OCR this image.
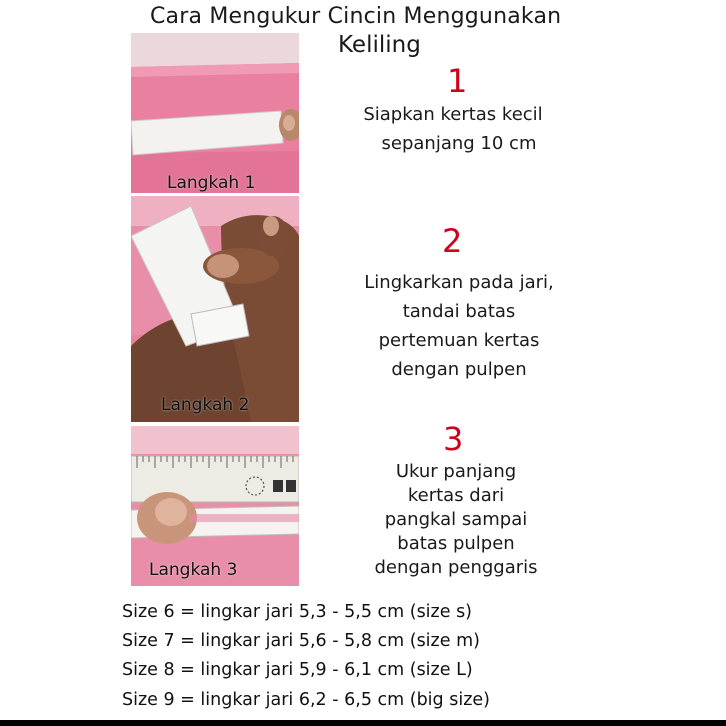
Cara Mengukur Cincin Menggunakan
Keliling
Langkah 1
Langkah 2
Langkah 3
1
Siapkan kertas kecil
sepanjang 10 cm
2
Lingkarkan pada jari,
tandai batas
pertemuan kertas
dengan pulpen
3
Ukur panjang
kertas dari
pangkal sampai
batas pulpen
dengan penggaris
Size 6 = lingkar jari 5,3 - 5,5 cm (size s)
Size 7 = lingkar jari 5,6 - 5,8 cm (size m)
Size 8 = lingkar jari 5,9 - 6,1 cm (size L)
Size 9 = lingkar jari 6,2 - 6,5 cm (big size)
